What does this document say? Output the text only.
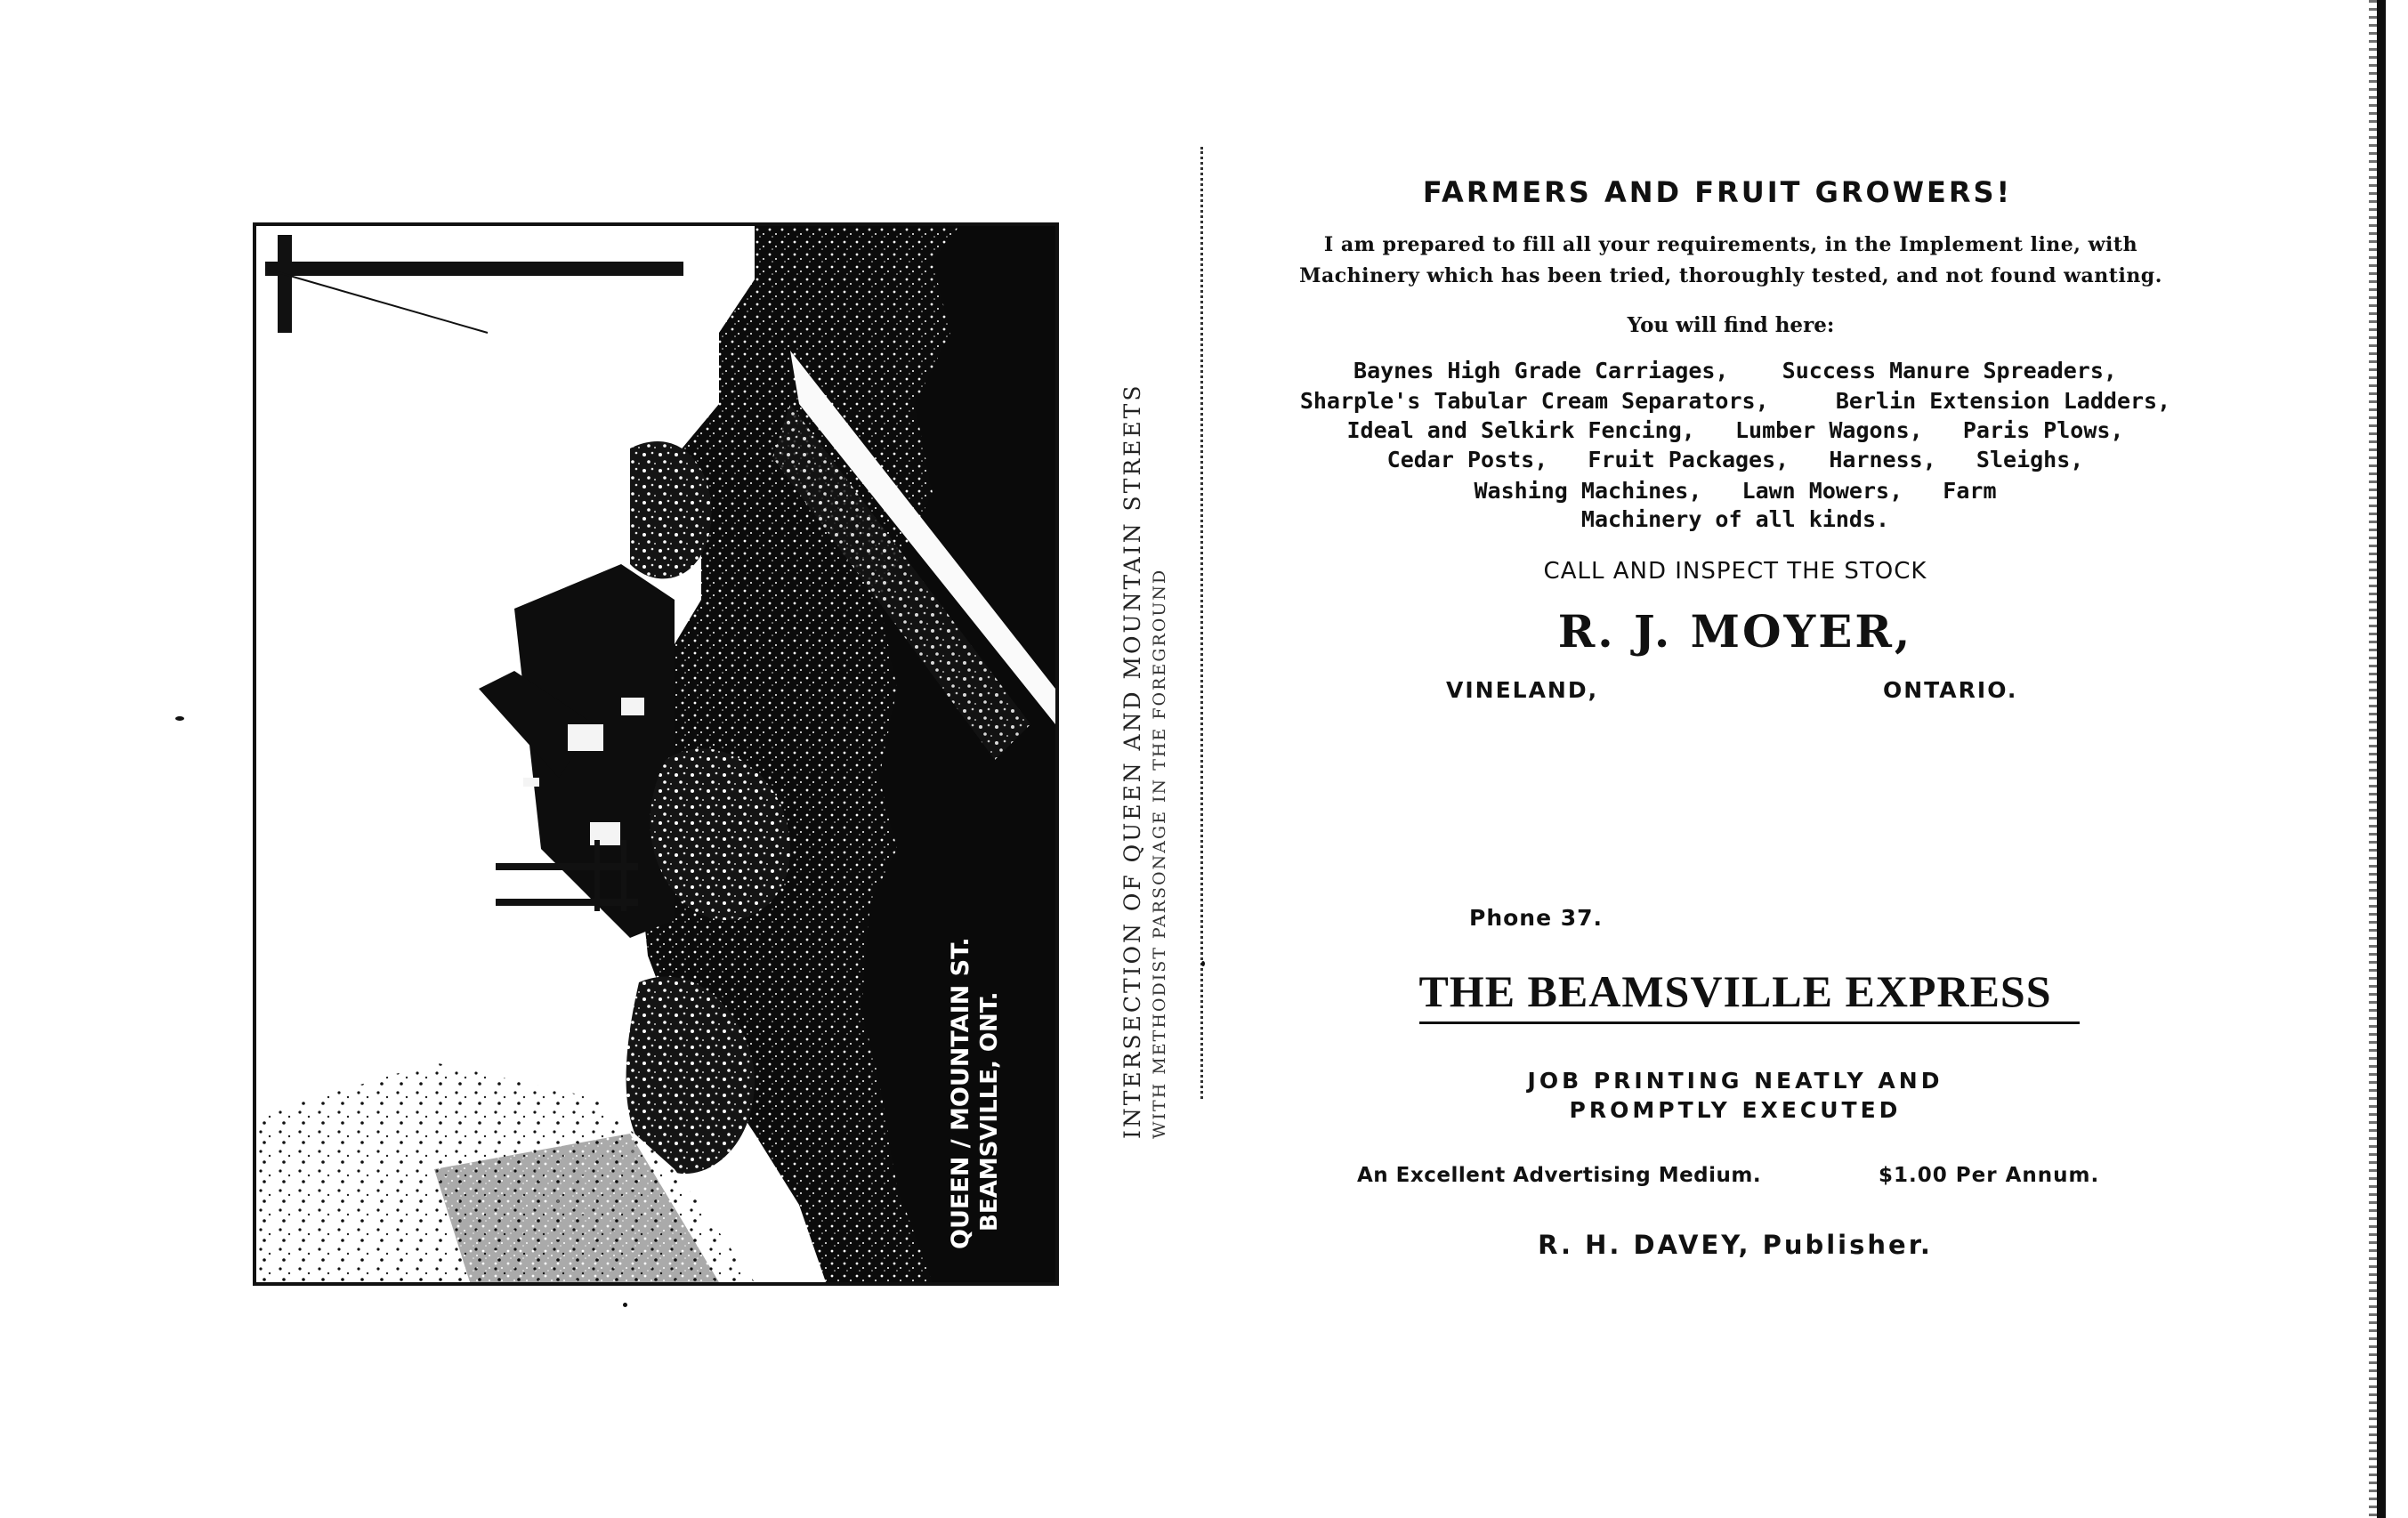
QUEEN / MOUNTAIN ST. BEAMSVILLE, ONT.	INTERSECTION OF QUEEN AND MOUNTAIN STREETS WITH METHODIST PARSONAGE IN THE FOREGROUND
FARMERS AND FRUIT GROWERS!
I am prepared to fill all your requirements, in the Implement line, with
Machinery which has been tried, thoroughly tested, and not found wanting.
You will find here:
Baynes High Grade Carriages,    Success Manure Spreaders,
Sharple's Tabular Cream Separators,     Berlin Extension Ladders,
Ideal and Selkirk Fencing,   Lumber Wagons,   Paris Plows,
Cedar Posts,   Fruit Packages,   Harness,   Sleighs,
Washing Machines,   Lawn Mowers,   Farm
Machinery of all kinds.
CALL AND INSPECT THE STOCK
R. J. MOYER,
VINELAND,	ONTARIO.
Phone 37.
THE BEAMSVILLE EXPRESS
JOB PRINTING NEATLY AND
PROMPTLY EXECUTED
An Excellent Advertising Medium.	$1.00 Per Annum.
R. H. DAVEY, Publisher.
